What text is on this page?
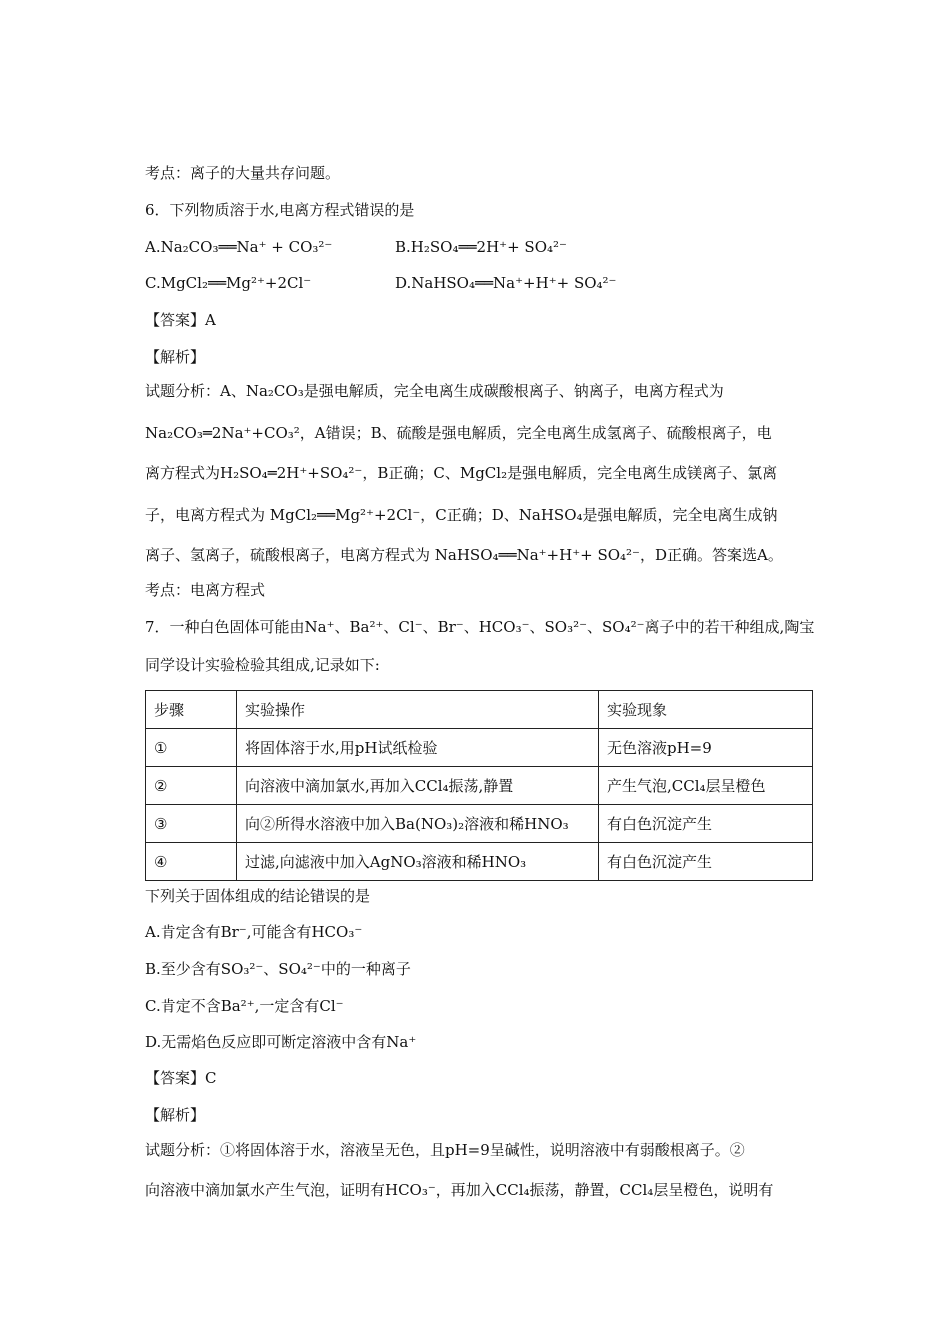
考点：离子的大量共存问题。
6．下列物质溶于水,电离方程式错误的是
A.Na₂CO₃══Na⁺ + CO₃²⁻	B.H₂SO₄══2H⁺+ SO₄²⁻
C.MgCl₂══Mg²⁺+2Cl⁻	D.NaHSO₄══Na⁺+H⁺+ SO₄²⁻
【答案】A
【解析】
试题分析：A、Na₂CO₃是强电解质，完全电离生成碳酸根离子、钠离子，电离方程式为
Na₂CO₃═2Na⁺+CO₃²，A错误；B、硫酸是强电解质，完全电离生成氢离子、硫酸根离子，电
离方程式为H₂SO₄═2H⁺+SO₄²⁻，B正确；C、MgCl₂是强电解质，完全电离生成镁离子、氯离
子，电离方程式为 MgCl₂══Mg²⁺+2Cl⁻，C正确；D、NaHSO₄是强电解质，完全电离生成钠
离子、氢离子，硫酸根离子，电离方程式为 NaHSO₄══Na⁺+H⁺+ SO₄²⁻，D正确。答案选A。
考点：电离方程式
7．一种白色固体可能由Na⁺、Ba²⁺、Cl⁻、Br⁻、HCO₃⁻、SO₃²⁻、SO₄²⁻离子中的若干种组成,陶宝
同学设计实验检验其组成,记录如下:
步骤	实验操作	实验现象
①	将固体溶于水,用pH试纸检验	无色溶液pH=9
②	向溶液中滴加氯水,再加入CCl₄振荡,静置	产生气泡,CCl₄层呈橙色
③	向②所得水溶液中加入Ba(NO₃)₂溶液和稀HNO₃	有白色沉淀产生
④	过滤,向滤液中加入AgNO₃溶液和稀HNO₃	有白色沉淀产生
下列关于固体组成的结论错误的是
A.肯定含有Br⁻,可能含有HCO₃⁻
B.至少含有SO₃²⁻、SO₄²⁻中的一种离子
C.肯定不含Ba²⁺,一定含有Cl⁻
D.无需焰色反应即可断定溶液中含有Na⁺
【答案】C
【解析】
试题分析：①将固体溶于水，溶液呈无色，且pH=9呈碱性，说明溶液中有弱酸根离子。②
向溶液中滴加氯水产生气泡，证明有HCO₃⁻，再加入CCl₄振荡，静置，CCl₄层呈橙色，说明有
